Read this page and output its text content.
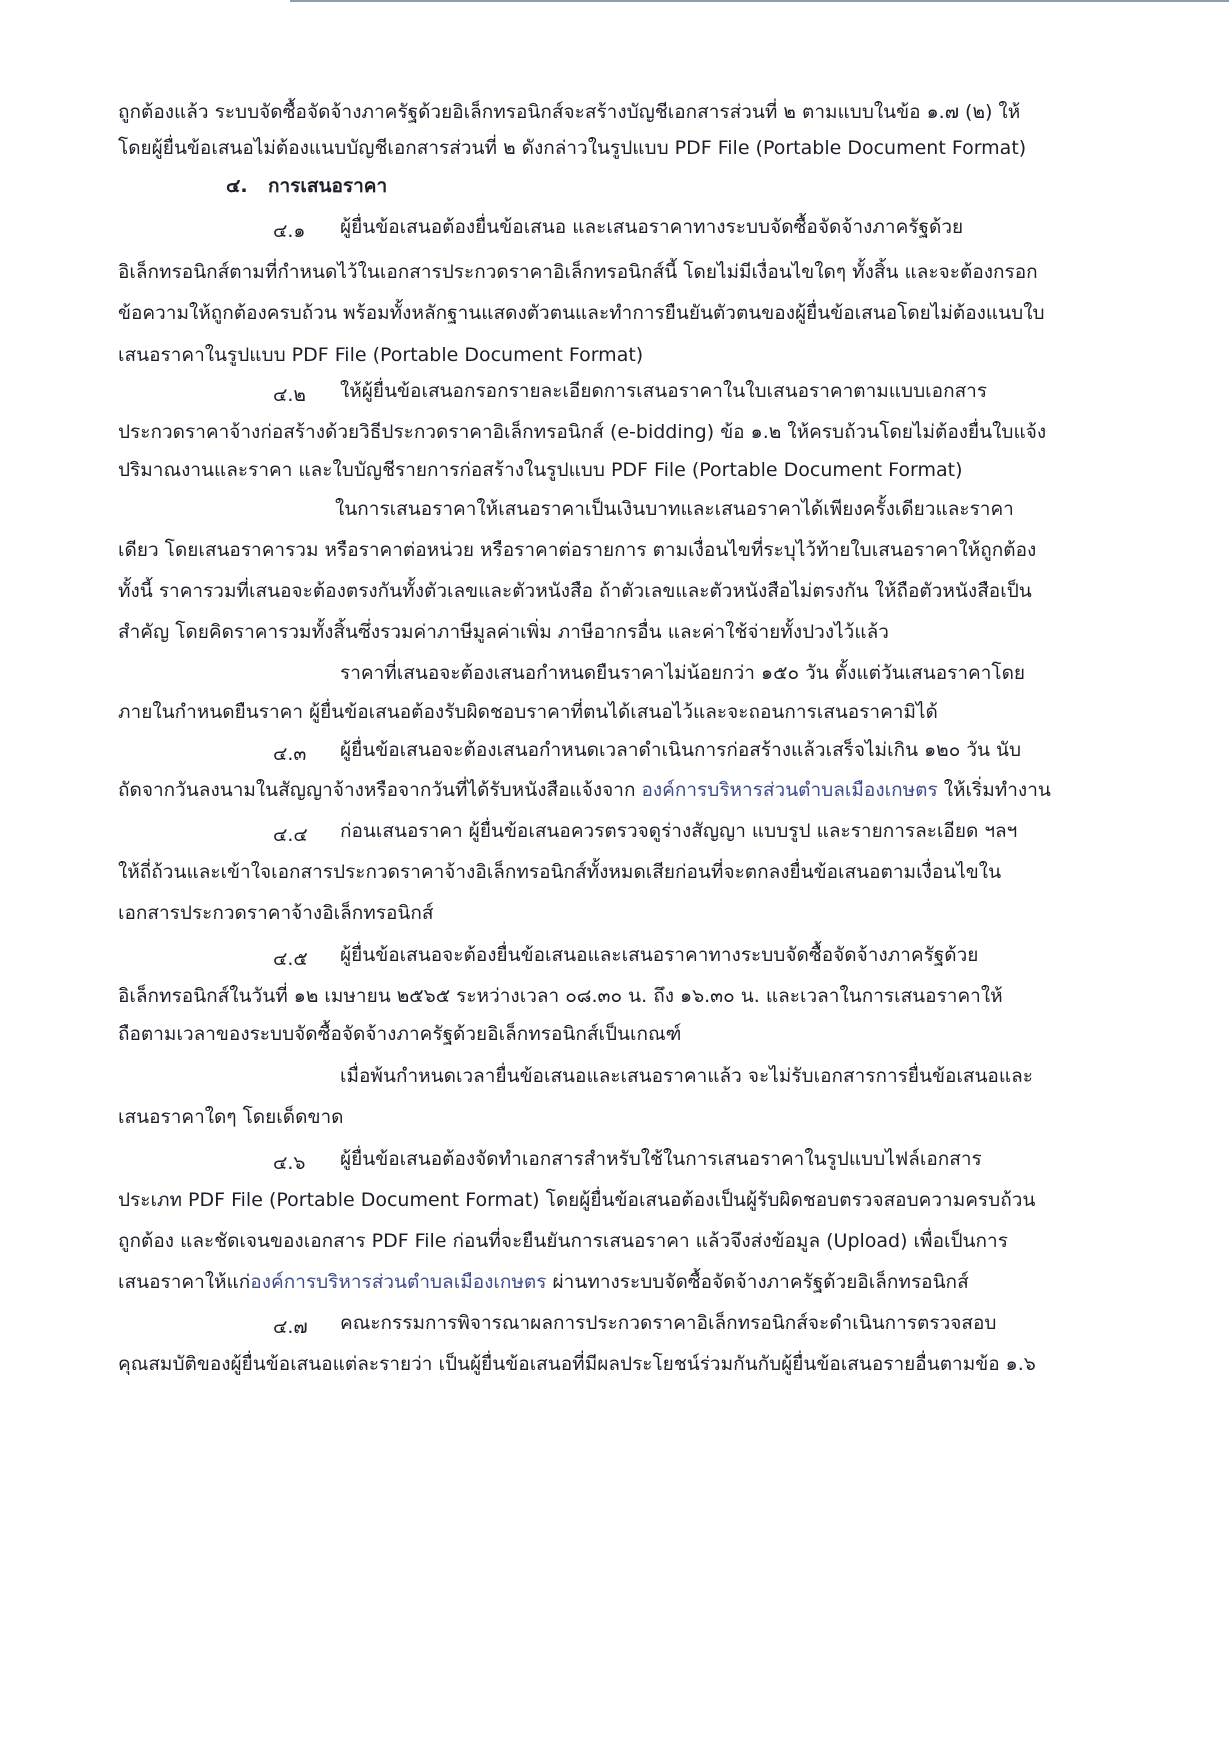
ถูกต้องแล้ว ระบบจัดซื้อจัดจ้างภาครัฐด้วยอิเล็กทรอนิกส์จะสร้างบัญชีเอกสารส่วนที่ ๒ ตามแบบในข้อ ๑.๗ (๒) ให้
โดยผู้ยื่นข้อเสนอไม่ต้องแนบบัญชีเอกสารส่วนที่ ๒ ดังกล่าวในรูปแบบ PDF File (Portable Document Format)
๔. การเสนอราคา
๔.๑ ผู้ยื่นข้อเสนอต้องยื่นข้อเสนอ และเสนอราคาทางระบบจัดซื้อจัดจ้างภาครัฐด้วย
อิเล็กทรอนิกส์ตามที่กำหนดไว้ในเอกสารประกวดราคาอิเล็กทรอนิกส์นี้ โดยไม่มีเงื่อนไขใดๆ ทั้งสิ้น และจะต้องกรอก
ข้อความให้ถูกต้องครบถ้วน พร้อมทั้งหลักฐานแสดงตัวตนและทำการยืนยันตัวตนของผู้ยื่นข้อเสนอโดยไม่ต้องแนบใบ
เสนอราคาในรูปแบบ PDF File (Portable Document Format)
๔.๒ ให้ผู้ยื่นข้อเสนอกรอกรายละเอียดการเสนอราคาในใบเสนอราคาตามแบบเอกสาร
ประกวดราคาจ้างก่อสร้างด้วยวิธีประกวดราคาอิเล็กทรอนิกส์ (e-bidding) ข้อ ๑.๒ ให้ครบถ้วนโดยไม่ต้องยื่นใบแจ้ง
ปริมาณงานและราคา และใบบัญชีรายการก่อสร้างในรูปแบบ PDF File (Portable Document Format)
ในการเสนอราคาให้เสนอราคาเป็นเงินบาทและเสนอราคาได้เพียงครั้งเดียวและราคา
เดียว โดยเสนอราคารวม หรือราคาต่อหน่วย หรือราคาต่อรายการ ตามเงื่อนไขที่ระบุไว้ท้ายใบเสนอราคาให้ถูกต้อง
ทั้งนี้ ราคารวมที่เสนอจะต้องตรงกันทั้งตัวเลขและตัวหนังสือ ถ้าตัวเลขและตัวหนังสือไม่ตรงกัน ให้ถือตัวหนังสือเป็น
สำคัญ โดยคิดราคารวมทั้งสิ้นซึ่งรวมค่าภาษีมูลค่าเพิ่ม ภาษีอากรอื่น และค่าใช้จ่ายทั้งปวงไว้แล้ว
ราคาที่เสนอจะต้องเสนอกำหนดยืนราคาไม่น้อยกว่า ๑๕๐ วัน ตั้งแต่วันเสนอราคาโดย
ภายในกำหนดยืนราคา ผู้ยื่นข้อเสนอต้องรับผิดชอบราคาที่ตนได้เสนอไว้และจะถอนการเสนอราคามิได้
๔.๓ ผู้ยื่นข้อเสนอจะต้องเสนอกำหนดเวลาดำเนินการก่อสร้างแล้วเสร็จไม่เกิน ๑๒๐ วัน นับ
ถัดจากวันลงนามในสัญญาจ้างหรือจากวันที่ได้รับหนังสือแจ้งจาก องค์การบริหารส่วนตำบลเมืองเกษตร ให้เริ่มทำงาน
๔.๔ ก่อนเสนอราคา ผู้ยื่นข้อเสนอควรตรวจดูร่างสัญญา แบบรูป และรายการละเอียด ฯลฯ
ให้ถี่ถ้วนและเข้าใจเอกสารประกวดราคาจ้างอิเล็กทรอนิกส์ทั้งหมดเสียก่อนที่จะตกลงยื่นข้อเสนอตามเงื่อนไขใน
เอกสารประกวดราคาจ้างอิเล็กทรอนิกส์
๔.๕ ผู้ยื่นข้อเสนอจะต้องยื่นข้อเสนอและเสนอราคาทางระบบจัดซื้อจัดจ้างภาครัฐด้วย
อิเล็กทรอนิกส์ในวันที่ ๑๒ เมษายน ๒๕๖๕ ระหว่างเวลา ๐๘.๓๐ น. ถึง ๑๖.๓๐ น. และเวลาในการเสนอราคาให้
ถือตามเวลาของระบบจัดซื้อจัดจ้างภาครัฐด้วยอิเล็กทรอนิกส์เป็นเกณฑ์
เมื่อพ้นกำหนดเวลายื่นข้อเสนอและเสนอราคาแล้ว จะไม่รับเอกสารการยื่นข้อเสนอและ
เสนอราคาใดๆ โดยเด็ดขาด
๔.๖ ผู้ยื่นข้อเสนอต้องจัดทำเอกสารสำหรับใช้ในการเสนอราคาในรูปแบบไฟล์เอกสาร
ประเภท PDF File (Portable Document Format) โดยผู้ยื่นข้อเสนอต้องเป็นผู้รับผิดชอบตรวจสอบความครบถ้วน
ถูกต้อง และชัดเจนของเอกสาร PDF File ก่อนที่จะยืนยันการเสนอราคา แล้วจึงส่งข้อมูล (Upload) เพื่อเป็นการ
เสนอราคาให้แก่องค์การบริหารส่วนตำบลเมืองเกษตร ผ่านทางระบบจัดซื้อจัดจ้างภาครัฐด้วยอิเล็กทรอนิกส์
๔.๗ คณะกรรมการพิจารณาผลการประกวดราคาอิเล็กทรอนิกส์จะดำเนินการตรวจสอบ
คุณสมบัติของผู้ยื่นข้อเสนอแต่ละรายว่า เป็นผู้ยื่นข้อเสนอที่มีผลประโยชน์ร่วมกันกับผู้ยื่นข้อเสนอรายอื่นตามข้อ ๑.๖
